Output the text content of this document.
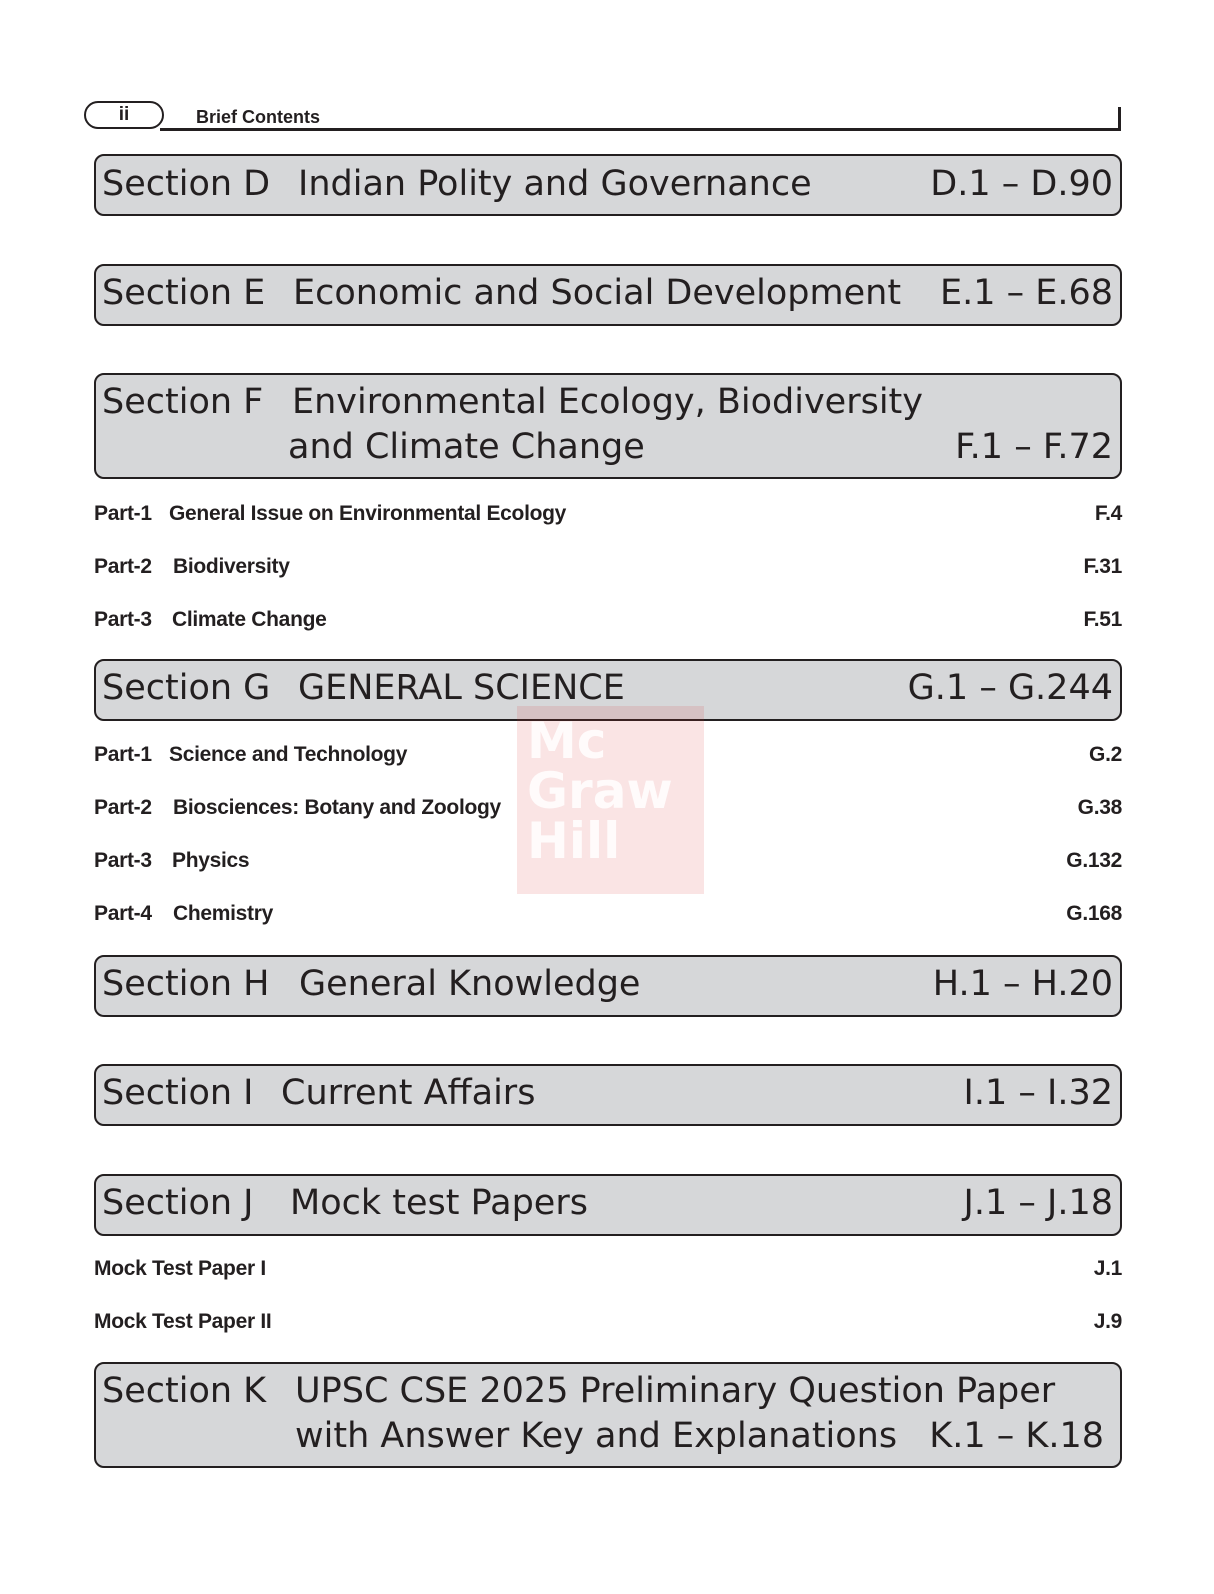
ii	Brief Contents
Section D Indian Polity and Governance	D.1 – D.90
Section E Economic and Social Development E.1 – E.68
Section F Environmental Ecology, Biodiversity
and Climate Change	F.1 – F.72
Part-1 General Issue on Environmental Ecology	F.4
Part-2 Biodiversity	F.31
Part-3 Climate Change	F.51
Section G GENERAL SCIENCE	G.1 – G.244
Part-1 Science and Technology	G.2
Part-2 Biosciences: Botany and Zoology	G.38
Part-3 Physics	G.132
Part-4 Chemistry	G.168
Section H General Knowledge	H.1 – H.20
Section I Current Affairs	I.1 – I.32
Section J Mock test Papers	J.1 – J.18
Mock Test Paper I	J.1
Mock Test Paper II	J.9
Section K UPSC CSE 2025 Preliminary Question Paper
with Answer Key and Explanations K.1 – K.18
Mc
Graw
Hill
